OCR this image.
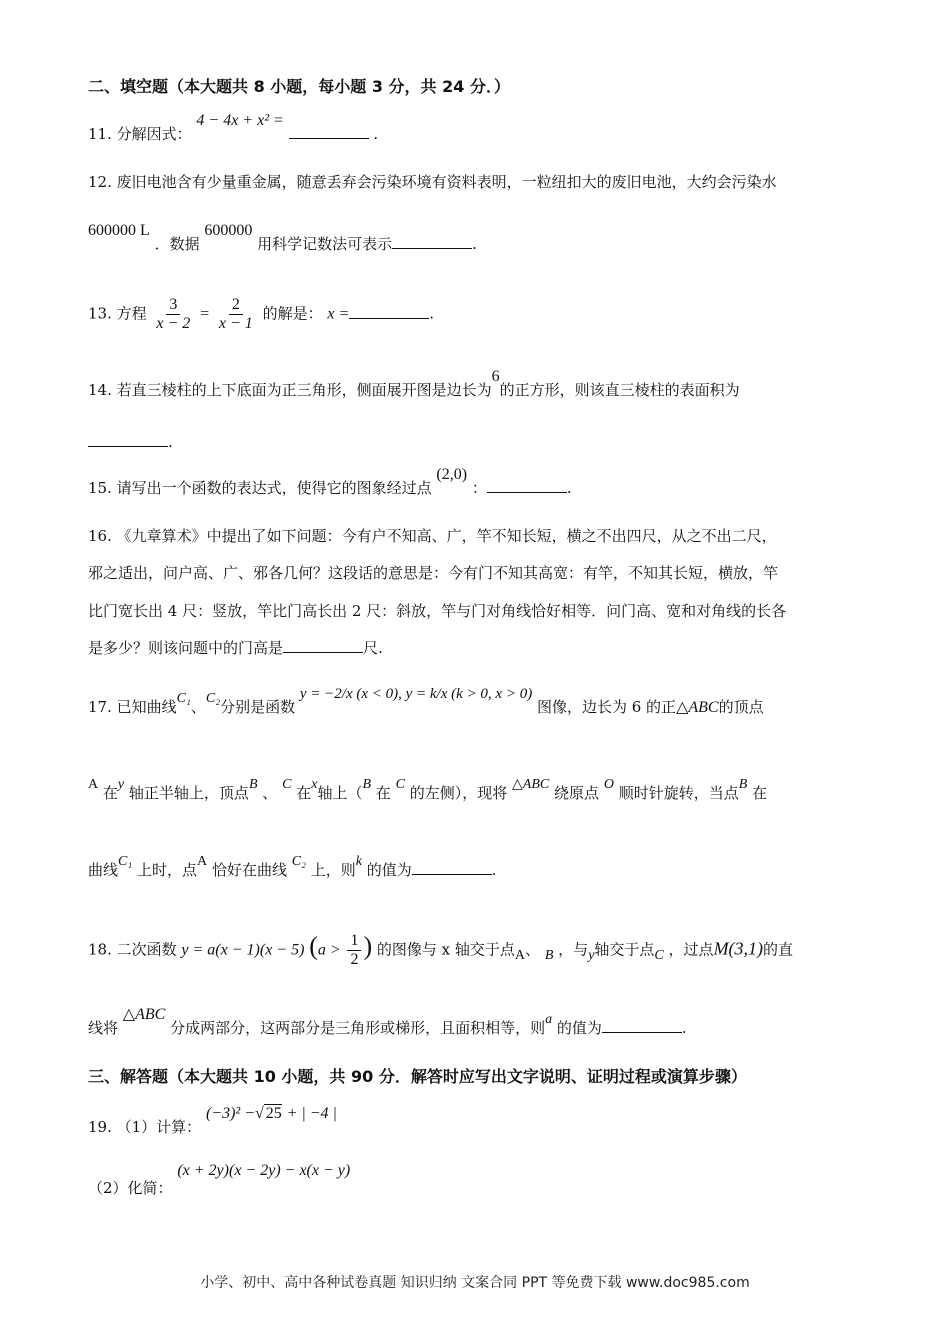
二、填空题（本大题共 8 小题，每小题 3 分，共 24 分．）
11. 分解因式： 4 − 4x + x² =  .
12. 废旧电池含有少量重金属，随意丢弃会污染环境有资料表明，一粒纽扣大的废旧电池，大约会污染水
600000 L ．数据 600000 用科学记数法可表示	.
13. 方程 $\frac{3}{x - 2} = \frac{2}{x - 1}$ 的解是： x =	.
14. 若直三棱柱的上下底面为正三角形，侧面展开图是边长为6的正方形，则该直三棱柱的表面积为
.
15. 请写出一个函数的表达式，使得它的图象经过点 (2,0) ：	.
16. 《九章算术》中提出了如下问题：今有户不知高、广，竿不知长短，横之不出四尺，从之不出二尺，
邪之适出，问户高、广、邪各几何？这段话的意思是：今有门不知其高宽：有竿，不知其长短，横放，竿
比门宽长出 4 尺：竖放，竿比门高长出 2 尺：斜放，竿与门对角线恰好相等．问门高、宽和对角线的长各
是多少？则该问题中的门高是	尺.
17. 已知曲线C₁、C₂分别是函数 y = −2/x (x < 0), y = k/x (k > 0, x > 0) 图像，边长为 6 的正△ABC的顶点
A 在y 轴正半轴上，顶点B 、 C 在x轴上（B 在 C 的左侧），现将 △ABC 绕原点 O 顺时针旋转，当点B 在
曲线C₁ 上时，点A 恰好在曲线 C₂ 上，则k 的值为	.
18. 二次函数 y = a(x − 1)(x − 5) ($a > \frac{1}{2}$ ) 的图像与 x 轴交于点A、 B ，与y轴交于点C ，过点M(3,1)的直
线将 △ABC 分成两部分，这两部分是三角形或梯形，且面积相等，则a 的值为	.
三、解答题（本大题共 10 小题，共 90 分．解答时应写出文字说明、证明过程或演算步骤）
19. （1）计算： (−3)² −√ 25 + | −4 |
（2）化简： (x + 2y)(x − 2y) − x(x − y)
小学、初中、高中各种试卷真题 知识归纳 文案合同 PPT 等免费下载 www.doc985.com
